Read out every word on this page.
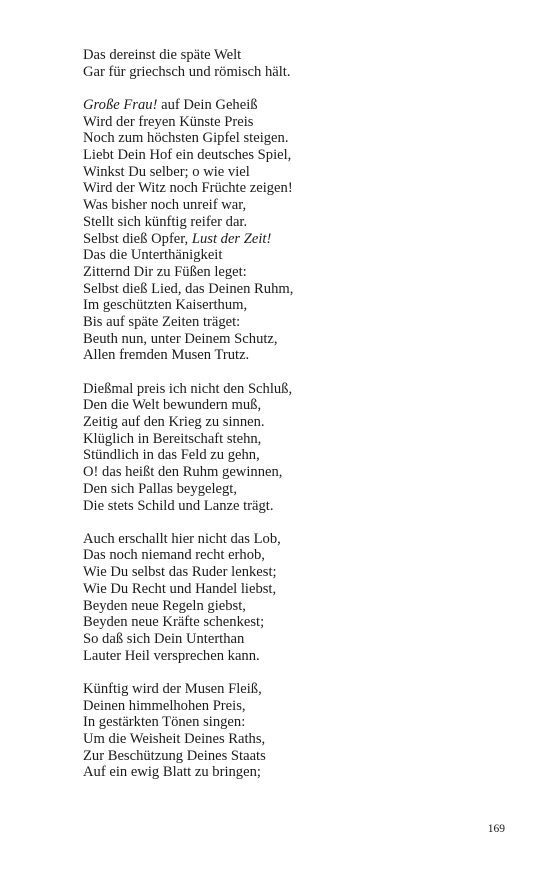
Das dereinst die späte Welt
Gar für griechsch und römisch hält.
Große Frau! auf Dein Geheiß
Wird der freyen Künste Preis
Noch zum höchsten Gipfel steigen.
Liebt Dein Hof ein deutsches Spiel,
Winkst Du selber; o wie viel
Wird der Witz noch Früchte zeigen!
Was bisher noch unreif war,
Stellt sich künftig reifer dar.
Selbst dieß Opfer, Lust der Zeit!
Das die Unterthänigkeit
Zitternd Dir zu Füßen leget:
Selbst dieß Lied, das Deinen Ruhm,
Im geschützten Kaiserthum,
Bis auf späte Zeiten träget:
Beuth nun, unter Deinem Schutz,
Allen fremden Musen Trutz.
Dießmal preis ich nicht den Schluß,
Den die Welt bewundern muß,
Zeitig auf den Krieg zu sinnen.
Klüglich in Bereitschaft stehn,
Stündlich in das Feld zu gehn,
O! das heißt den Ruhm gewinnen,
Den sich Pallas beygelegt,
Die stets Schild und Lanze trägt.
Auch erschallt hier nicht das Lob,
Das noch niemand recht erhob,
Wie Du selbst das Ruder lenkest;
Wie Du Recht und Handel liebst,
Beyden neue Regeln giebst,
Beyden neue Kräfte schenkest;
So daß sich Dein Unterthan
Lauter Heil versprechen kann.
Künftig wird der Musen Fleiß,
Deinen himmelhohen Preis,
In gestärkten Tönen singen:
Um die Weisheit Deines Raths,
Zur Beschützung Deines Staats
Auf ein ewig Blatt zu bringen;
169
